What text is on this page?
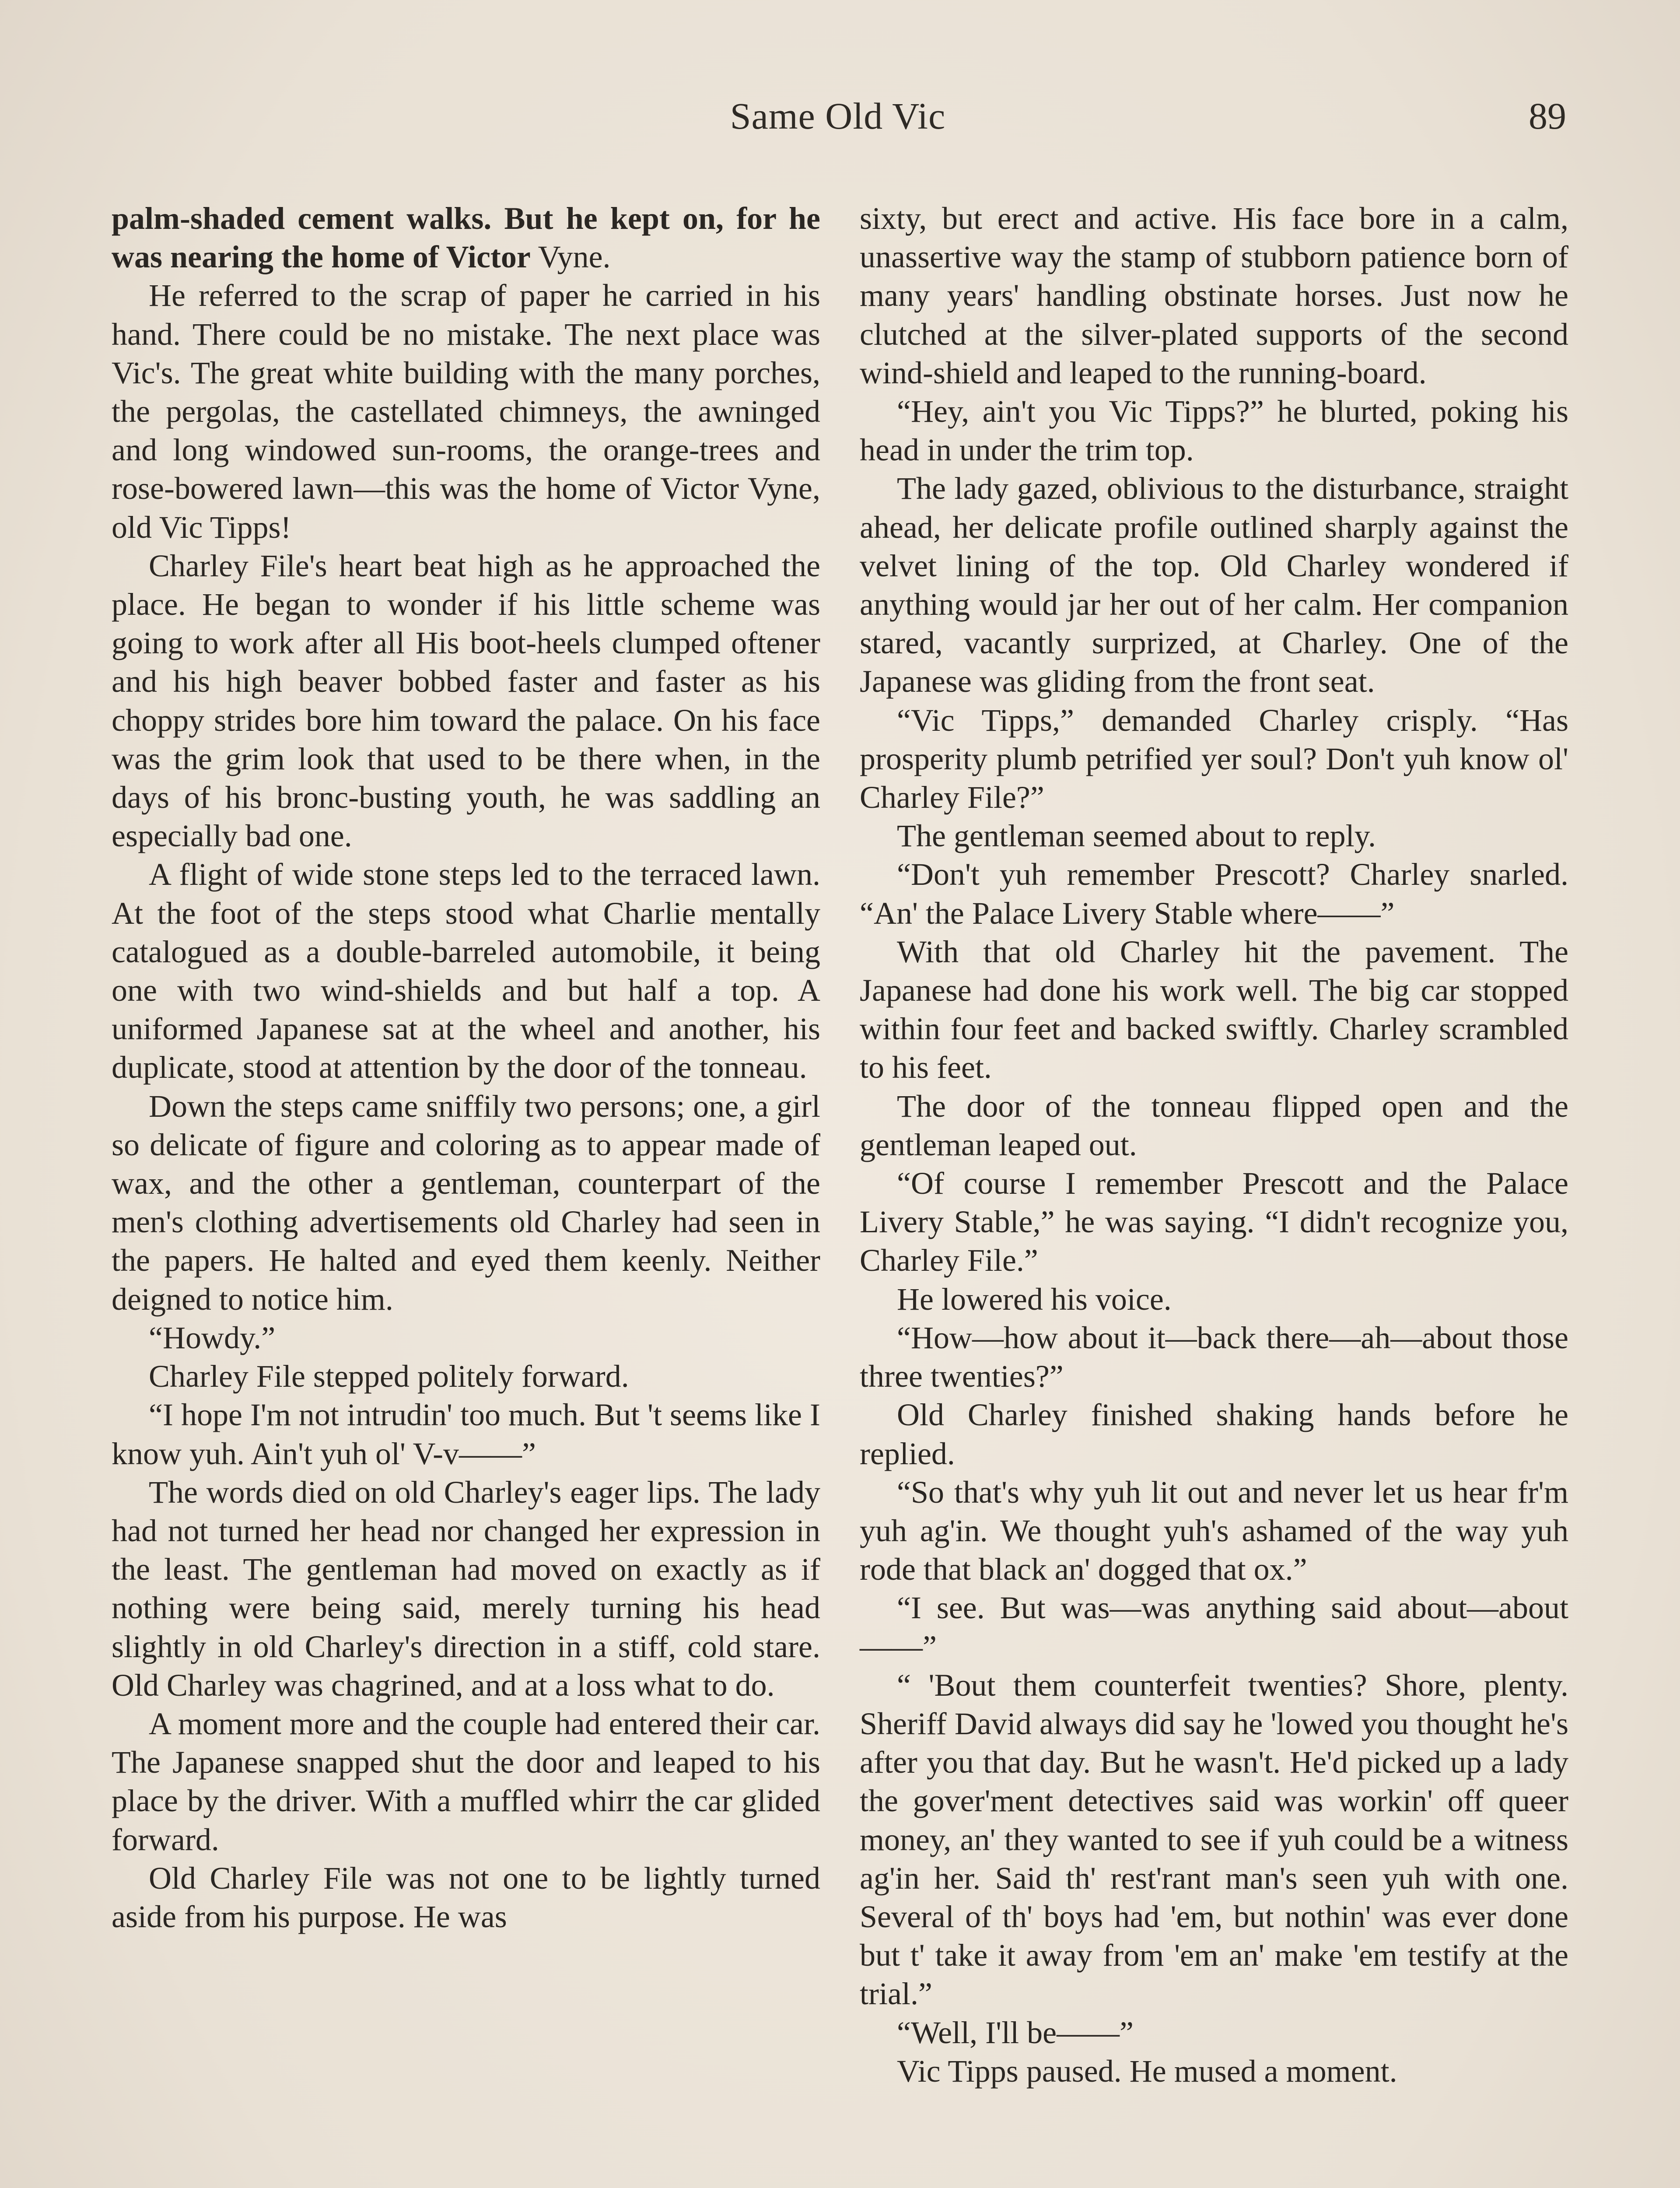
Same Old Vic	89

palm-shaded cement walks. But he kept on, for he was nearing the home of Victor Vyne.

He referred to the scrap of paper he carried in his hand. There could be no mistake. The next place was Vic's. The great white building with the many porches, the pergolas, the castellated chimneys, the awninged and long windowed sun-rooms, the orange-trees and rose-bowered lawn—this was the home of Victor Vyne, old Vic Tipps!

Charley File's heart beat high as he approached the place. He began to wonder if his little scheme was going to work after all His boot-heels clumped oftener and his high beaver bobbed faster and faster as his choppy strides bore him toward the palace. On his face was the grim look that used to be there when, in the days of his bronc-busting youth, he was saddling an especially bad one.

A flight of wide stone steps led to the terraced lawn. At the foot of the steps stood what Charlie mentally catalogued as a double-barreled automobile, it being one with two wind-shields and but half a top. A uniformed Japanese sat at the wheel and another, his duplicate, stood at attention by the door of the tonneau.

Down the steps came sniffily two persons; one, a girl so delicate of figure and coloring as to appear made of wax, and the other a gentleman, counterpart of the men's clothing advertisements old Charley had seen in the papers. He halted and eyed them keenly. Neither deigned to notice him.

“Howdy.”

Charley File stepped politely forward.

“I hope I'm not intrudin' too much. But 't seems like I know yuh. Ain't yuh ol' V-v——”

The words died on old Charley's eager lips. The lady had not turned her head nor changed her expression in the least. The gentleman had moved on exactly as if nothing were being said, merely turning his head slightly in old Charley's direction in a stiff, cold stare. Old Charley was chagrined, and at a loss what to do.

A moment more and the couple had entered their car. The Japanese snapped shut the door and leaped to his place by the driver. With a muffled whirr the car glided forward.

Old Charley File was not one to be lightly turned aside from his purpose. He was

sixty, but erect and active. His face bore in a calm, unassertive way the stamp of stubborn patience born of many years' handling obstinate horses. Just now he clutched at the silver-plated supports of the second wind-shield and leaped to the running-board.

“Hey, ain't you Vic Tipps?” he blurted, poking his head in under the trim top.

The lady gazed, oblivious to the disturbance, straight ahead, her delicate profile outlined sharply against the velvet lining of the top. Old Charley wondered if anything would jar her out of her calm. Her companion stared, vacantly surprized, at Charley. One of the Japanese was gliding from the front seat.

“Vic Tipps,” demanded Charley crisply. “Has prosperity plumb petrified yer soul? Don't yuh know ol' Charley File?”

The gentleman seemed about to reply.

“Don't yuh remember Prescott? Charley snarled. “An' the Palace Livery Stable where——”

With that old Charley hit the pavement. The Japanese had done his work well. The big car stopped within four feet and backed swiftly. Charley scrambled to his feet.

The door of the tonneau flipped open and the gentleman leaped out.

“Of course I remember Prescott and the Palace Livery Stable,” he was saying. “I didn't recognize you, Charley File.”

He lowered his voice.

“How—how about it—back there—ah—about those three twenties?”

Old Charley finished shaking hands before he replied.

“So that's why yuh lit out and never let us hear fr'm yuh ag'in. We thought yuh's ashamed of the way yuh rode that black an' dogged that ox.”

“I see. But was—was anything said about—about——”

“ 'Bout them counterfeit twenties? Shore, plenty. Sheriff David always did say he 'lowed you thought he's after you that day. But he wasn't. He'd picked up a lady the gover'ment detectives said was workin' off queer money, an' they wanted to see if yuh could be a witness ag'in her. Said th' rest'rant man's seen yuh with one. Several of th' boys had 'em, but nothin' was ever done but t' take it away from 'em an' make 'em testify at the trial.”

“Well, I'll be——”

Vic Tipps paused. He mused a moment.
